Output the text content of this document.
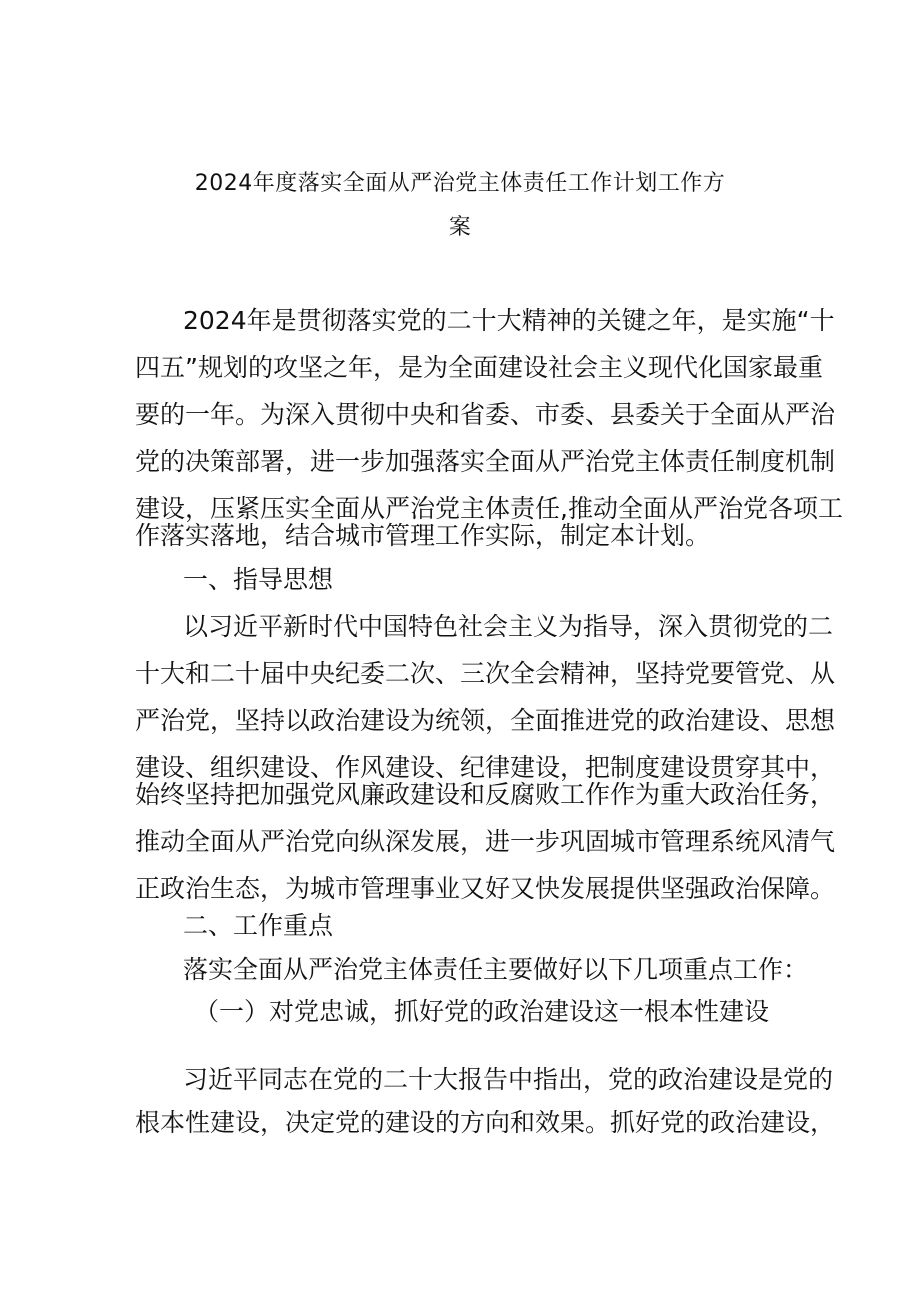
2024年度落实全面从严治党主体责任工作计划工作方
案
2024年是贯彻落实党的二十大精神的关键之年，是实施“十
四五”规划的攻坚之年，是为全面建设社会主义现代化国家最重
要的一年。为深入贯彻中央和省委、市委、县委关于全面从严治
党的决策部署，进一步加强落实全面从严治党主体责任制度机制
建设，压紧压实全面从严治党主体责任,推动全面从严治党各项工
作落实落地，结合城市管理工作实际，制定本计划。
一、指导思想
以习近平新时代中国特色社会主义为指导，深入贯彻党的二
十大和二十届中央纪委二次、三次全会精神，坚持党要管党、从
严治党，坚持以政治建设为统领，全面推进党的政治建设、思想
建设、组织建设、作风建设、纪律建设，把制度建设贯穿其中，
始终坚持把加强党风廉政建设和反腐败工作作为重大政治任务，
推动全面从严治党向纵深发展，进一步巩固城市管理系统风清气
正政治生态，为城市管理事业又好又快发展提供坚强政治保障。
二、工作重点
落实全面从严治党主体责任主要做好以下几项重点工作：
（一）对党忠诚，抓好党的政治建设这一根本性建设
习近平同志在党的二十大报告中指出，党的政治建设是党的
根本性建设，决定党的建设的方向和效果。抓好党的政治建设，
